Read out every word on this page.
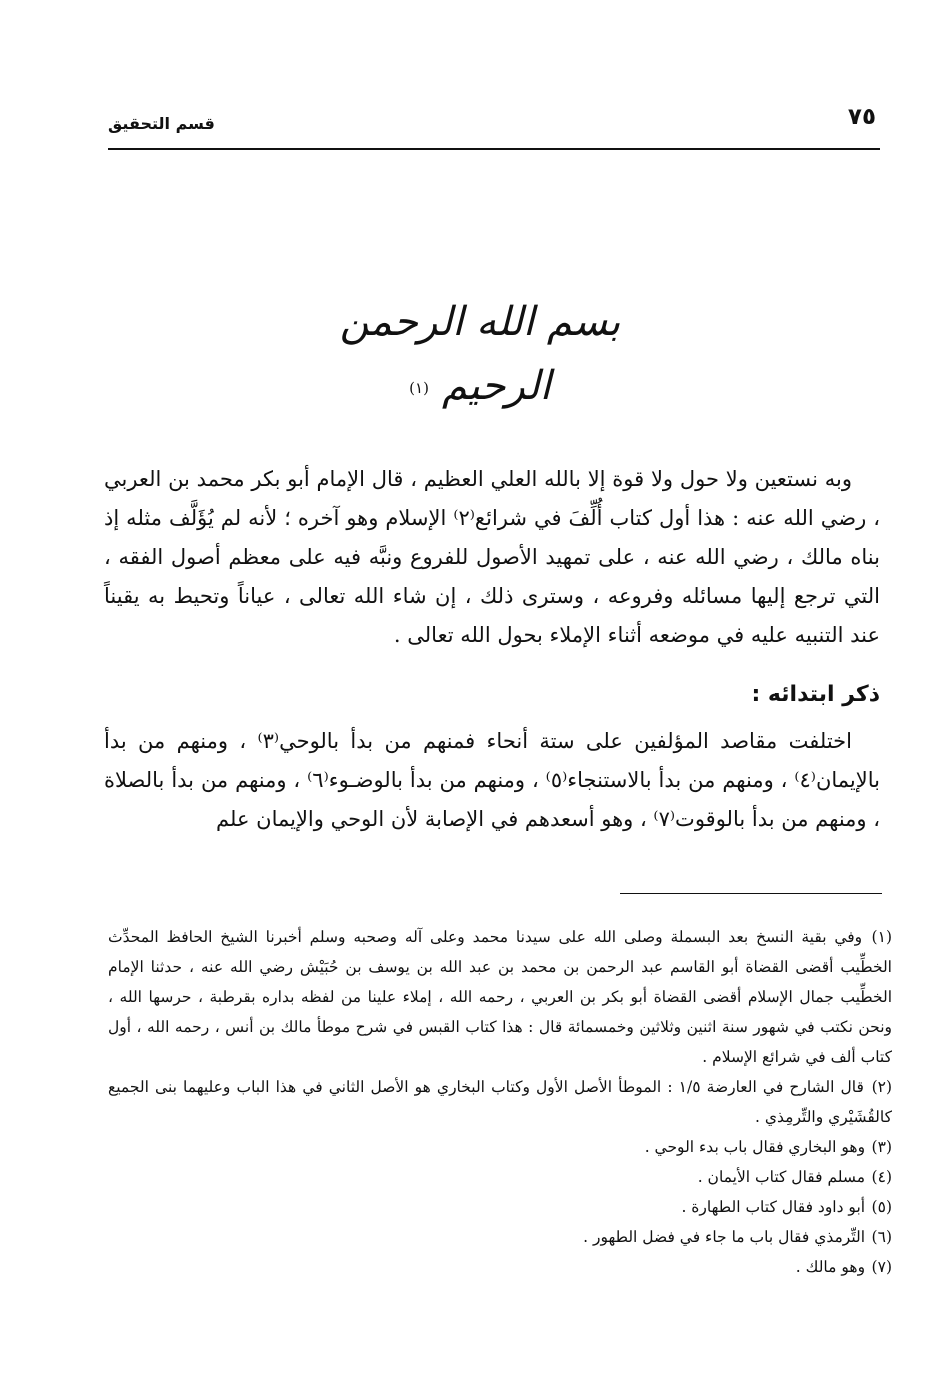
٧٥
قسم التحقيق
بسم الله الرحمن الرحيم (١)

وبه نستعين ولا حول ولا قوة إلا بالله العلي العظيم ، قال الإمام أبو بكر محمد بن العربي ، رضي الله عنه : هذا أول كتاب أُلِّفَ في شرائع⁽٢⁾ الإسلام وهو آخره ؛ لأنه لم يُؤَلَّف مثله إذ بناه مالك ، رضي الله عنه ، على تمهيد الأصول للفروع ونبَّه فيه على معظم أصول الفقه ، التي ترجع إليها مسائله وفروعه ، وسترى ذلك ، إن شاء الله تعالى ، عياناً وتحيط به يقيناً عند التنبيه عليه في موضعه أثناء الإملاء بحول الله تعالى .

ذكر ابتدائه :

اختلفت مقاصد المؤلفين على ستة أنحاء فمنهم من بدأ بالوحي⁽٣⁾ ، ومنهم من بدأ بالإيمان⁽٤⁾ ، ومنهم من بدأ بالاستنجاء⁽٥⁾ ، ومنهم من بدأ بالوضـوء⁽٦⁾ ، ومنهم من بدأ بالصلاة ، ومنهم من بدأ بالوقوت⁽٧⁾ ، وهو أسعدهم في الإصابة لأن الوحي والإيمان علم

(١) وفي بقية النسخ بعد البسملة وصلى الله على سيدنا محمد وعلى آله وصحبه وسلم أخبرنا الشيخ الحافظ المحدِّث الخطِّيب أقضى القضاة أبو القاسم عبد الرحمن بن محمد بن عبد الله بن يوسف بن حُبَيْش رضي الله عنه ، حدثنا الإمام الخطِّيب جمال الإسلام أقضى القضاة أبو بكر بن العربي ، رحمه الله ، إملاء علينا من لفظه بداره بقرطبة ، حرسها الله ، ونحن نكتب في شهور سنة اثنين وثلاثين وخمسمائة قال : هذا كتاب القبس في شرح موطأ مالك بن أنس ، رحمه الله ، أول كتاب ألف في شرائع الإسلام .

(٢) قال الشارح في العارضة ١/٥ : الموطأ الأصل الأول وكتاب البخاري هو الأصل الثاني في هذا الباب وعليهما بنى الجميع كالقُشَيْري والتِّرمِذي .

(٣) وهو البخاري فقال باب بدء الوحي .

(٤) مسلم فقال كتاب الأيمان .

(٥) أبو داود فقال كتاب الطهارة .

(٦) التِّرمذي فقال باب ما جاء في فضل الطهور .

(٧) وهو مالك .
